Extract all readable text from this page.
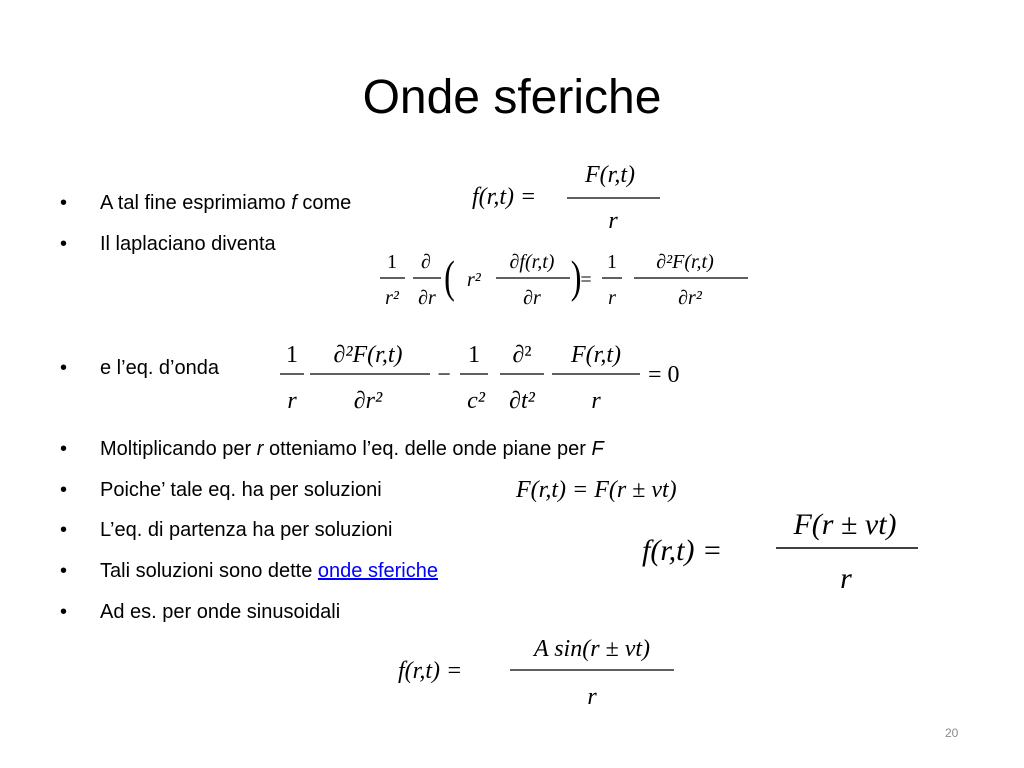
Onde sferiche
• A tal fine esprimiamo f come
• Il laplaciano diventa
• e l’eq. d’onda
• Moltiplicando per r otteniamo l’eq. delle onde piane per F
• Poiche’ tale eq. ha per soluzioni
• L’eq. di partenza ha per soluzioni
• Tali soluzioni sono dette onde sferiche
• Ad es. per onde sinusoidali
f(r,t) =
F(r,t)
r
1
r²
∂
∂r ( r²
∂f(r,t)
∂r )
=
1
r
∂²F(r,t)
∂r²
1
r
∂²F(r,t)
∂r²
−
1
c²
∂²
∂t²
F(r,t)
r
= 0
F(r,t) = F(r ± vt)
f(r,t) =
F(r ± vt)
r
f(r,t) =
A sin(r ± vt)
r
20
